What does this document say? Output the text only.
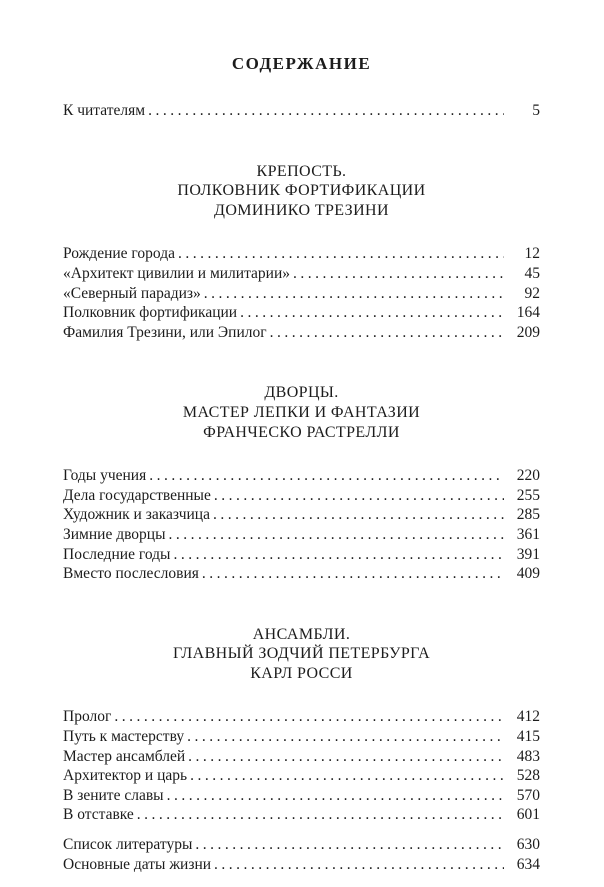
СОДЕРЖАНИЕ
К читателям .....	5
КРЕПОСТЬ.
ПОЛКОВНИК ФОРТИФИКАЦИИ
ДОМИНИКО ТРЕЗИНИ
Рождение города .....	12
«Архитект цивилии и милитарии» .....	45
«Северный парадиз» .....	92
Полковник фортификации .....	164
Фамилия Трезини, или Эпилог .....	209
ДВОРЦЫ.
МАСТЕР ЛЕПКИ И ФАНТАЗИИ
ФРАНЧЕСКО РАСТРЕЛЛИ
Годы учения .....	220
Дела государственные .....	255
Художник и заказчица .....	285
Зимние дворцы .....	361
Последние годы .....	391
Вместо послесловия .....	409
АНСАМБЛИ.
ГЛАВНЫЙ ЗОДЧИЙ ПЕТЕРБУРГА
КАРЛ РОССИ
Пролог .....	412
Путь к мастерству .....	415
Мастер ансамблей .....	483
Архитектор и царь .....	528
В зените славы .....	570
В отставке .....	601
Список литературы .....	630
Основные даты жизни .....	634
